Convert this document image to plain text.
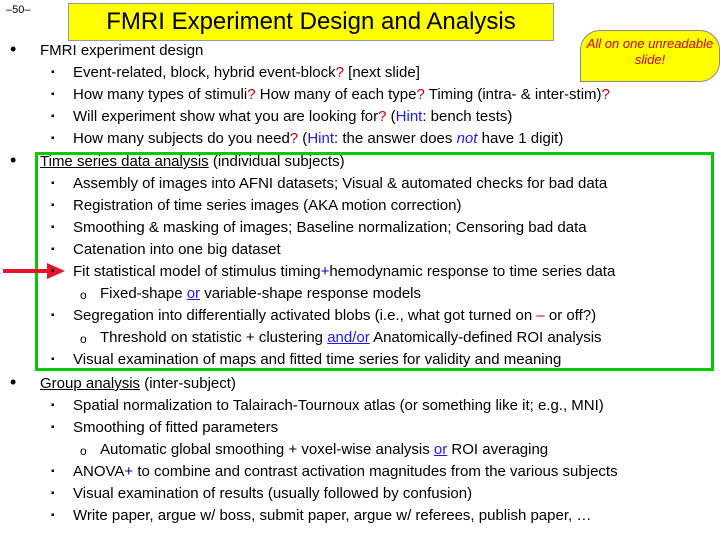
–50–	FMRI Experiment Design and Analysis
All on one unreadable slide!
• FMRI experiment design
▪ Event-related, block, hybrid event-block? [next slide]
▪ How many types of stimuli? How many of each type? Timing (intra- & inter-stim)?
▪ Will experiment show what you are looking for? (Hint: bench tests)
▪ How many subjects do you need? (Hint: the answer does not have 1 digit)
• Time series data analysis (individual subjects)
▪ Assembly of images into AFNI datasets; Visual & automated checks for bad data
▪ Registration of time series images (AKA motion correction)
▪ Smoothing & masking of images; Baseline normalization; Censoring bad data
▪ Catenation into one big dataset
▪ Fit statistical model of stimulus timing+hemodynamic response to time series data
o Fixed-shape or variable-shape response models
▪ Segregation into differentially activated blobs (i.e., what got turned on – or off?)
o Threshold on statistic + clustering and/or Anatomically-defined ROI analysis
▪ Visual examination of maps and fitted time series for validity and meaning
• Group analysis (inter-subject)
▪ Spatial normalization to Talairach-Tournoux atlas (or something like it; e.g., MNI)
▪ Smoothing of fitted parameters
o Automatic global smoothing + voxel-wise analysis or ROI averaging
▪ ANOVA+ to combine and contrast activation magnitudes from the various subjects
▪ Visual examination of results (usually followed by confusion)
▪ Write paper, argue w/ boss, submit paper, argue w/ referees, publish paper, …
